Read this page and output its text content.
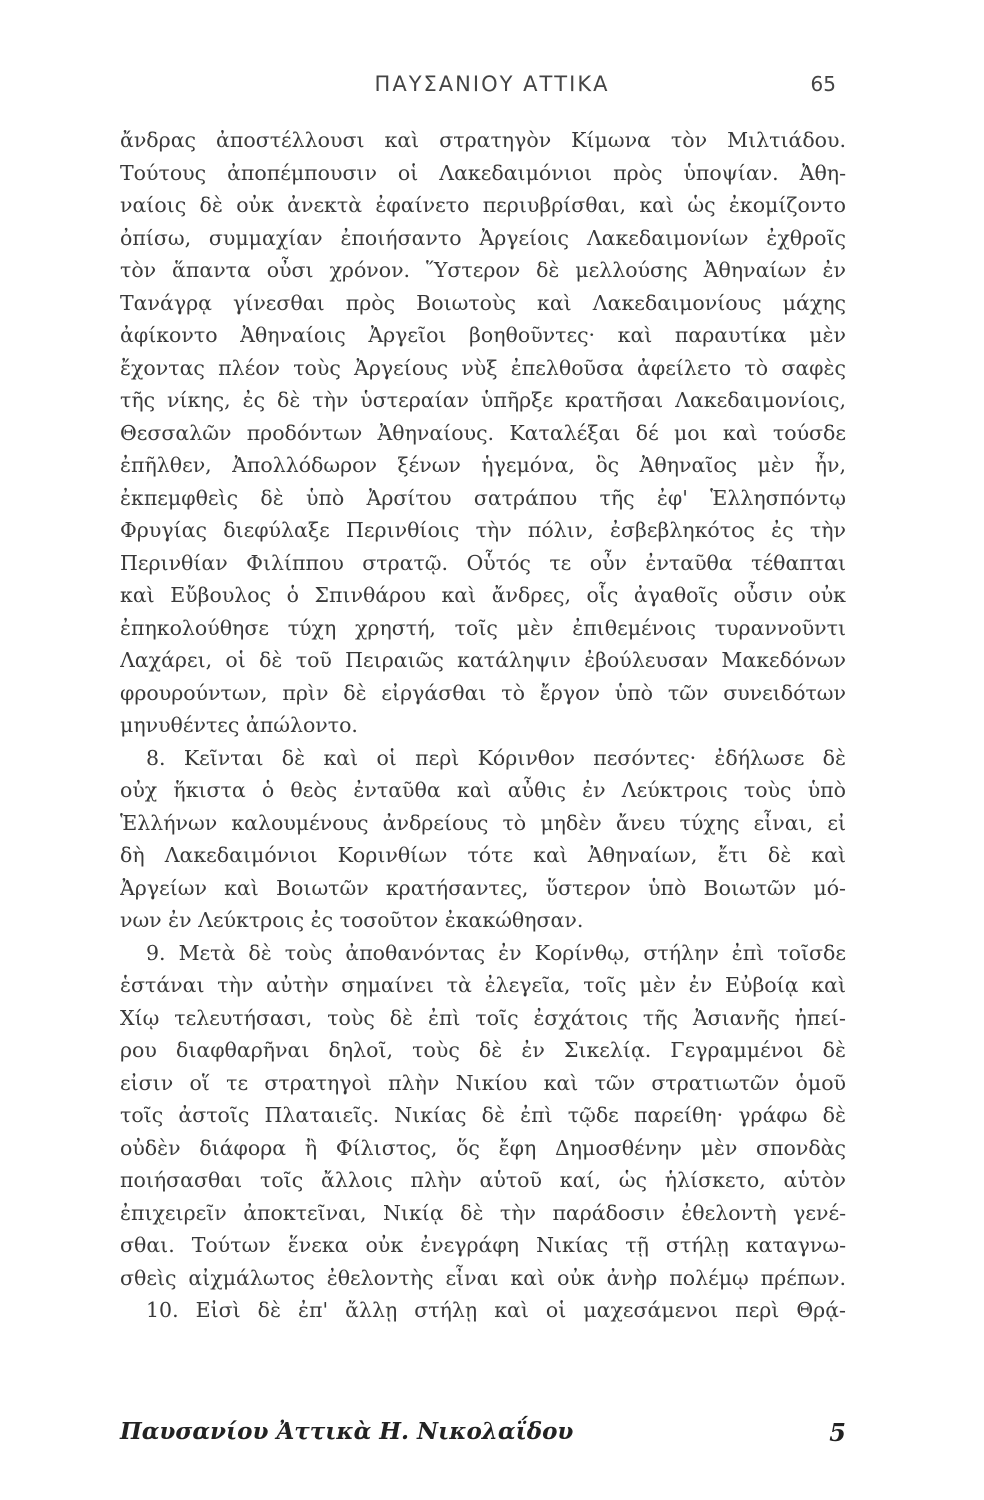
ΠΑΥΣΑΝΙΟΥ ΑΤΤΙΚΑ	65
ἄνδρας ἀποστέλλουσι καὶ στρατηγὸν Κίμωνα τὸν Μιλτιάδου.
Τούτους ἀποπέμπουσιν οἱ Λακεδαιμόνιοι πρὸς ὑποψίαν. Ἀθη-
ναίοις δὲ οὐκ ἀνεκτὰ ἐφαίνετο περιυβρίσθαι, καὶ ὡς ἐκομίζοντο
ὀπίσω, συμμαχίαν ἐποιήσαντο Ἀργείοις Λακεδαιμονίων ἐχθροῖς
τὸν ἅπαντα οὖσι χρόνον. Ὕστερον δὲ μελλούσης Ἀθηναίων ἐν
Τανάγρᾳ γίνεσθαι πρὸς Βοιωτοὺς καὶ Λακεδαιμονίους μάχης
ἀφίκοντο Ἀθηναίοις Ἀργεῖοι βοηθοῦντες· καὶ παραυτίκα μὲν
ἔχοντας πλέον τοὺς Ἀργείους νὺξ ἐπελθοῦσα ἀφείλετο τὸ σαφὲς
τῆς νίκης, ἐς δὲ τὴν ὑστεραίαν ὑπῆρξε κρατῆσαι Λακεδαιμονίοις,
Θεσσαλῶν προδόντων Ἀθηναίους. Καταλέξαι δέ μοι καὶ τούσδε
ἐπῆλθεν, Ἀπολλόδωρον ξένων ἡγεμόνα, ὃς Ἀθηναῖος μὲν ἦν,
ἐκπεμφθεὶς δὲ ὑπὸ Ἀρσίτου σατράπου τῆς ἐφ' Ἑλλησπόντῳ
Φρυγίας διεφύλαξε Περινθίοις τὴν πόλιν, ἐσβεβληκότος ἐς τὴν
Περινθίαν Φιλίππου στρατῷ. Οὗτός τε οὖν ἐνταῦθα τέθαπται
καὶ Εὔβουλος ὁ Σπινθάρου καὶ ἄνδρες, οἷς ἀγαθοῖς οὖσιν οὐκ
ἐπηκολούθησε τύχη χρηστή, τοῖς μὲν ἐπιθεμένοις τυραννοῦντι
Λαχάρει, οἱ δὲ τοῦ Πειραιῶς κατάληψιν ἐβούλευσαν Μακεδόνων
φρουρούντων, πρὶν δὲ εἰργάσθαι τὸ ἔργον ὑπὸ τῶν συνειδότων
μηνυθέντες ἀπώλοντο.
8. Κεῖνται δὲ καὶ οἱ περὶ Κόρινθον πεσόντες· ἐδήλωσε δὲ
οὐχ ἥκιστα ὁ θεὸς ἐνταῦθα καὶ αὖθις ἐν Λεύκτροις τοὺς ὑπὸ
Ἑλλήνων καλουμένους ἀνδρείους τὸ μηδὲν ἄνευ τύχης εἶναι, εἰ
δὴ Λακεδαιμόνιοι Κορινθίων τότε καὶ Ἀθηναίων, ἔτι δὲ καὶ
Ἀργείων καὶ Βοιωτῶν κρατήσαντες, ὕστερον ὑπὸ Βοιωτῶν μό-
νων ἐν Λεύκτροις ἐς τοσοῦτον ἐκακώθησαν.
9. Μετὰ δὲ τοὺς ἀποθανόντας ἐν Κορίνθῳ, στήλην ἐπὶ τοῖσδε
ἑστάναι τὴν αὐτὴν σημαίνει τὰ ἐλεγεῖα, τοῖς μὲν ἐν Εὐβοίᾳ καὶ
Χίῳ τελευτήσασι, τοὺς δὲ ἐπὶ τοῖς ἐσχάτοις τῆς Ἀσιανῆς ἠπεί-
ρου διαφθαρῆναι δηλοῖ, τοὺς δὲ ἐν Σικελίᾳ. Γεγραμμένοι δὲ
εἰσιν οἵ τε στρατηγοὶ πλὴν Νικίου καὶ τῶν στρατιωτῶν ὁμοῦ
τοῖς ἀστοῖς Πλαταιεῖς. Νικίας δὲ ἐπὶ τῷδε παρείθη· γράφω δὲ
οὐδὲν διάφορα ἢ Φίλιστος, ὅς ἔφη Δημοσθένην μὲν σπονδὰς
ποιήσασθαι τοῖς ἄλλοις πλὴν αὑτοῦ καί, ὡς ἡλίσκετο, αὑτὸν
ἐπιχειρεῖν ἀποκτεῖναι, Νικίᾳ δὲ τὴν παράδοσιν ἐθελοντὴ γενέ-
σθαι. Τούτων ἕνεκα οὐκ ἐνεγράφη Νικίας τῇ στήλῃ καταγνω-
σθεὶς αἰχμάλωτος ἐθελοντὴς εἶναι καὶ οὐκ ἀνὴρ πολέμῳ πρέπων.
10. Εἰσὶ δὲ ἐπ' ἄλλῃ στήλῃ καὶ οἱ μαχεσάμενοι περὶ Θρᾴ-
Παυσανίου Ἀττικὰ Η. Νικολαΐδου	5
